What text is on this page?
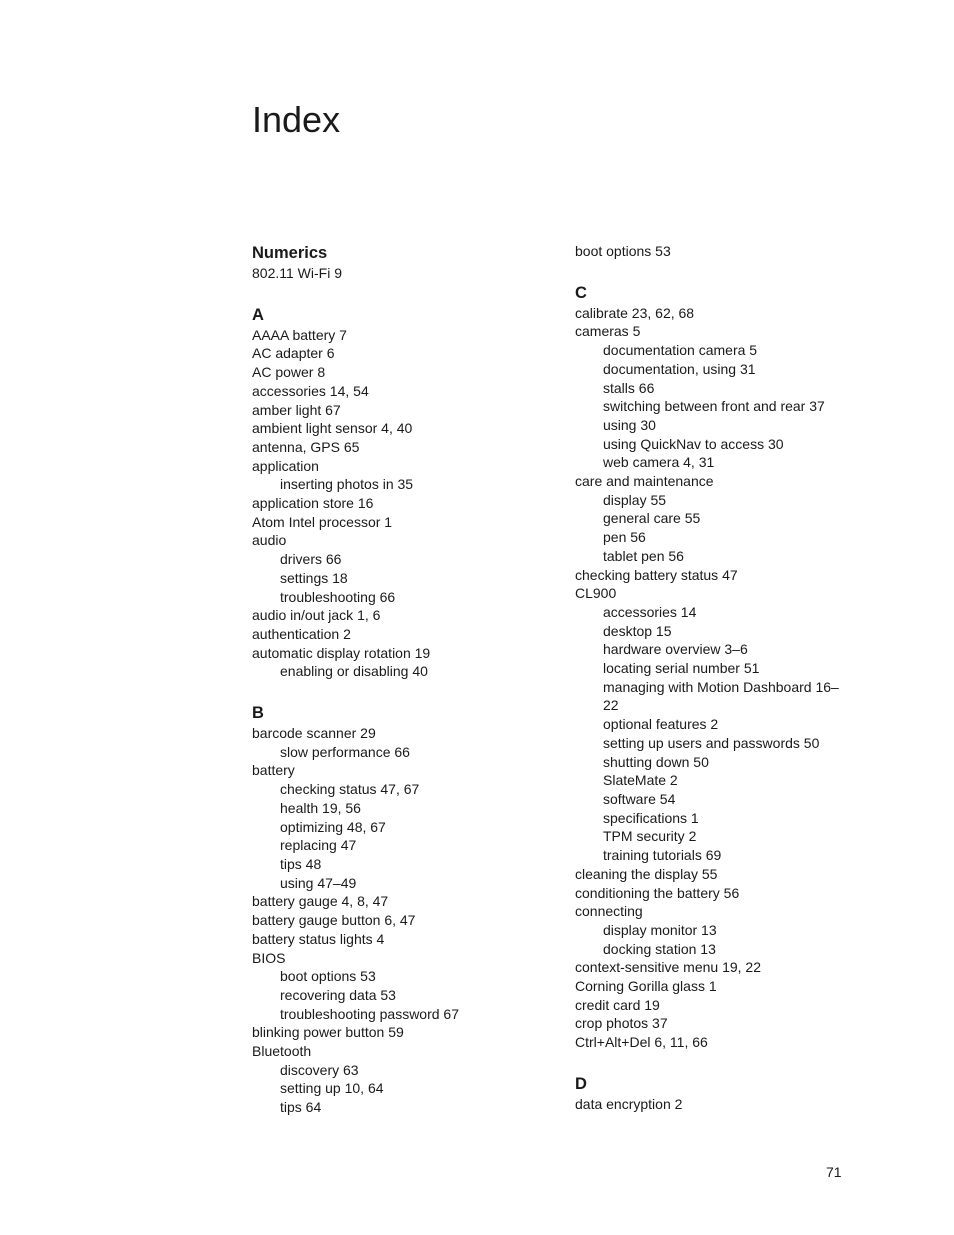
Index
Numerics
802.11 Wi-Fi 9
A
AAAA battery 7
AC adapter 6
AC power 8
accessories 14, 54
amber light 67
ambient light sensor 4, 40
antenna, GPS 65
application
inserting photos in 35
application store 16
Atom Intel processor 1
audio
drivers 66
settings 18
troubleshooting 66
audio in/out jack 1, 6
authentication 2
automatic display rotation 19
enabling or disabling 40
B
barcode scanner 29
slow performance 66
battery
checking status 47, 67
health 19, 56
optimizing 48, 67
replacing 47
tips 48
using 47–49
battery gauge 4, 8, 47
battery gauge button 6, 47
battery status lights 4
BIOS
boot options 53
recovering data 53
troubleshooting password 67
blinking power button 59
Bluetooth
discovery 63
setting up 10, 64
tips 64
boot options 53
C
calibrate 23, 62, 68
cameras 5
documentation camera 5
documentation, using 31
stalls 66
switching between front and rear 37
using 30
using QuickNav to access 30
web camera 4, 31
care and maintenance
display 55
general care 55
pen 56
tablet pen 56
checking battery status 47
CL900
accessories 14
desktop 15
hardware overview 3–6
locating serial number 51
managing with Motion Dashboard 16–22
optional features 2
setting up users and passwords 50
shutting down 50
SlateMate 2
software 54
specifications 1
TPM security 2
training tutorials 69
cleaning the display 55
conditioning the battery 56
connecting
display monitor 13
docking station 13
context-sensitive menu 19, 22
Corning Gorilla glass 1
credit card 19
crop photos 37
Ctrl+Alt+Del 6, 11, 66
D
data encryption 2
71
